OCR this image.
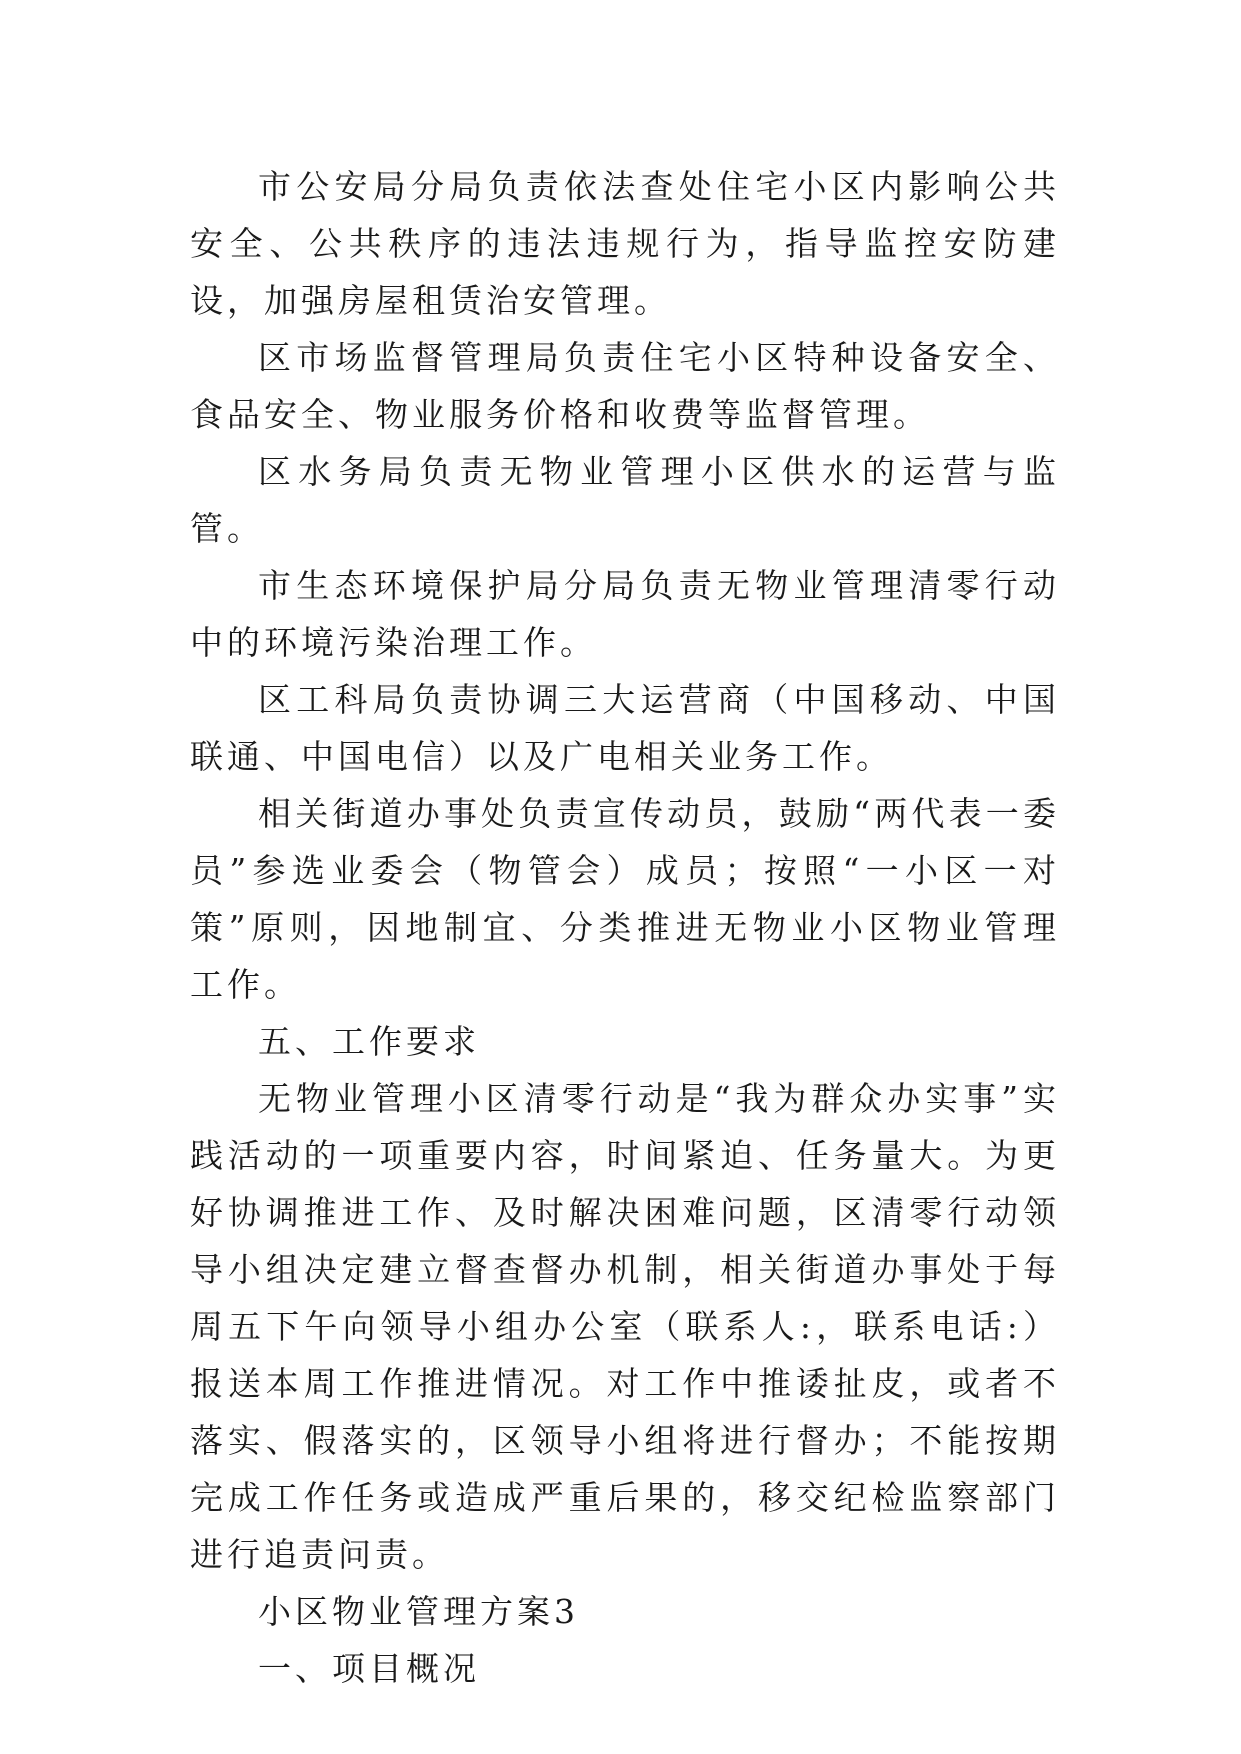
市公安局分局负责依法查处住宅小区内影响公共安全、公共秩序的违法违规行为，指导监控安防建设，加强房屋租赁治安管理。

区市场监督管理局负责住宅小区特种设备安全、食品安全、物业服务价格和收费等监督管理。

区水务局负责无物业管理小区供水的运营与监管。

市生态环境保护局分局负责无物业管理清零行动中的环境污染治理工作。

区工科局负责协调三大运营商（中国移动、中国联通、中国电信）以及广电相关业务工作。

相关街道办事处负责宣传动员，鼓励“两代表一委员”参选业委会（物管会）成员；按照“一小区一对策”原则，因地制宜、分类推进无物业小区物业管理工作。

五、工作要求

无物业管理小区清零行动是“我为群众办实事”实践活动的一项重要内容，时间紧迫、任务量大。为更好协调推进工作、及时解决困难问题，区清零行动领导小组决定建立督查督办机制，相关街道办事处于每周五下午向领导小组办公室（联系人:，联系电话:）报送本周工作推进情况。对工作中推诿扯皮，或者不落实、假落实的，区领导小组将进行督办；不能按期完成工作任务或造成严重后果的，移交纪检监察部门进行追责问责。

小区物业管理方案3

一、项目概况
